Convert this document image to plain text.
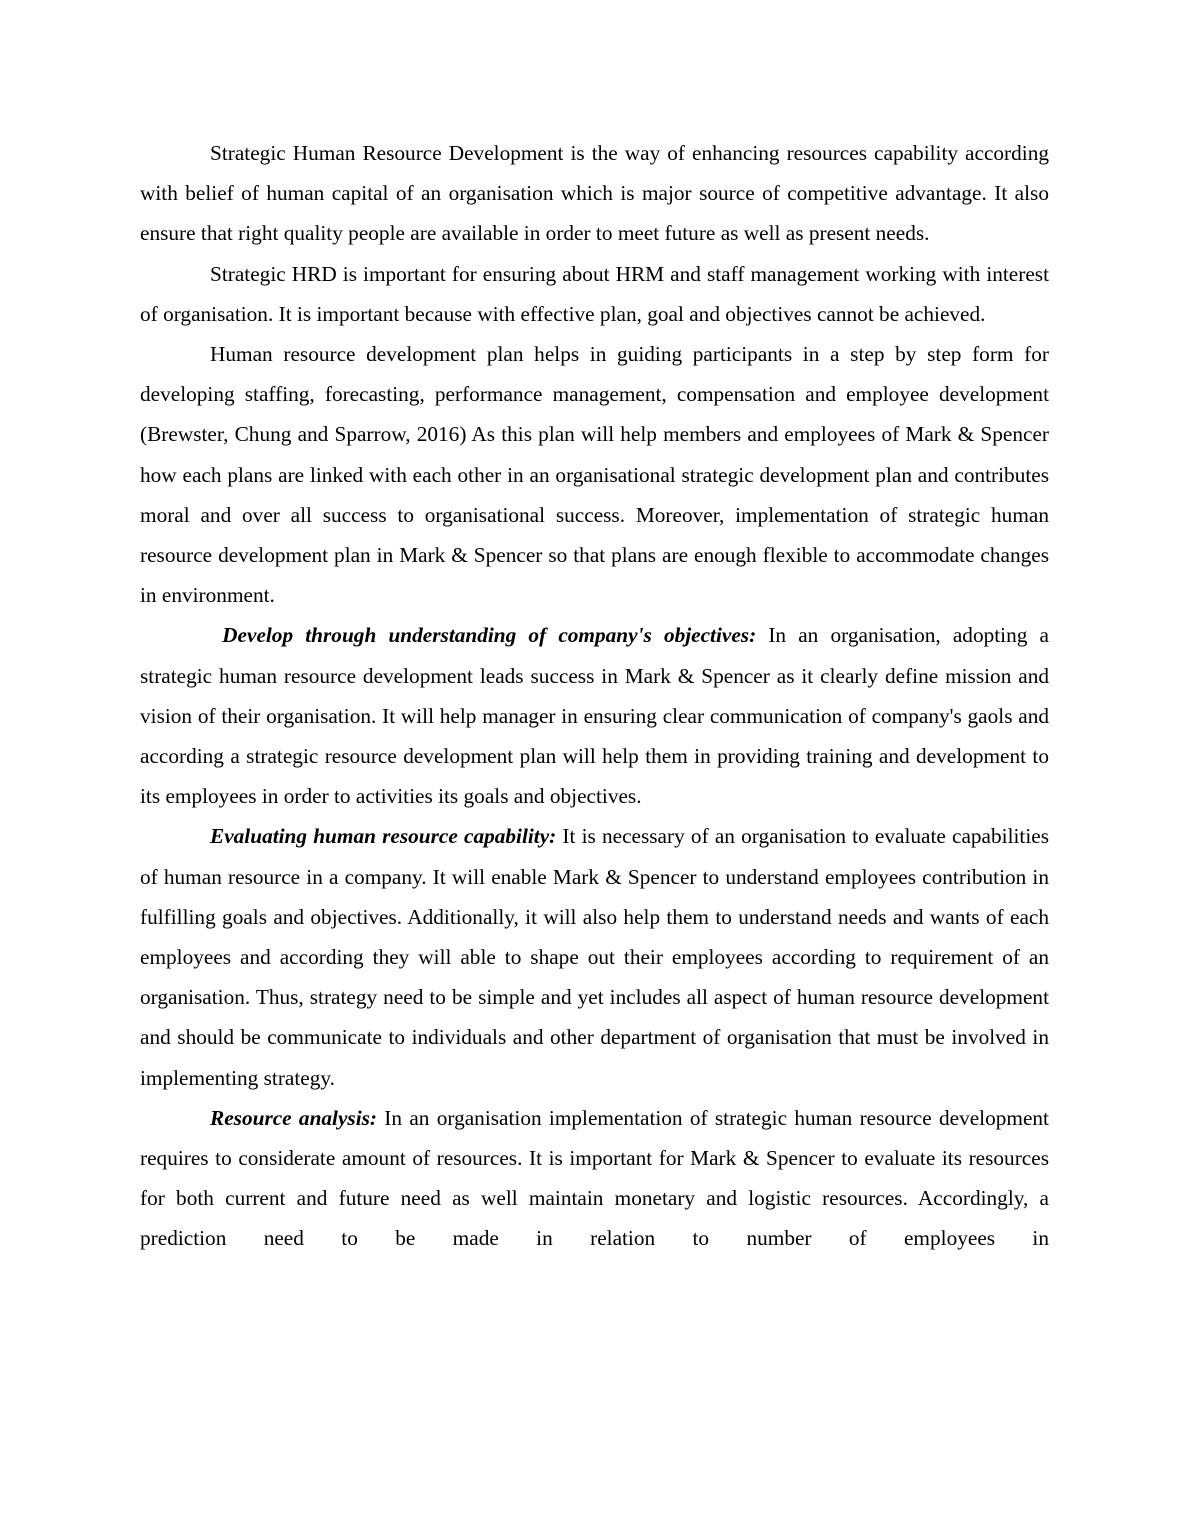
Strategic Human Resource Development is the way of enhancing resources capability according with belief of human capital of an organisation which is major source of competitive advantage. It also ensure that right quality people are available in order to meet future as well as present needs.

Strategic HRD is important for ensuring about HRM and staff management working with interest of organisation. It is important because with effective plan, goal and objectives cannot be achieved.

Human resource development plan helps in guiding participants in a step by step form for developing staffing, forecasting, performance management, compensation and employee development (Brewster, Chung and Sparrow, 2016) As this plan will help members and employees of Mark & Spencer how each plans are linked with each other in an organisational strategic development plan and contributes moral and over all success to organisational success. Moreover, implementation of strategic human resource development plan in Mark & Spencer so that plans are enough flexible to accommodate changes in environment.

Develop through understanding of company's objectives: In an organisation, adopting a strategic human resource development leads success in Mark & Spencer as it clearly define mission and vision of their organisation. It will help manager in ensuring clear communication of company's gaols and according a strategic resource development plan will help them in providing training and development to its employees in order to activities its goals and objectives.

Evaluating human resource capability: It is necessary of an organisation to evaluate capabilities of human resource in a company. It will enable Mark & Spencer to understand employees contribution in fulfilling goals and objectives. Additionally, it will also help them to understand needs and wants of each employees and according they will able to shape out their employees according to requirement of an organisation. Thus, strategy need to be simple and yet includes all aspect of human resource development and should be communicate to individuals and other department of organisation that must be involved in implementing strategy.

Resource analysis: In an organisation implementation of strategic human resource development requires to considerate amount of resources. It is important for Mark & Spencer to evaluate its resources for both current and future need as well maintain monetary and logistic resources. Accordingly, a prediction need to be made in relation to number of employees in
